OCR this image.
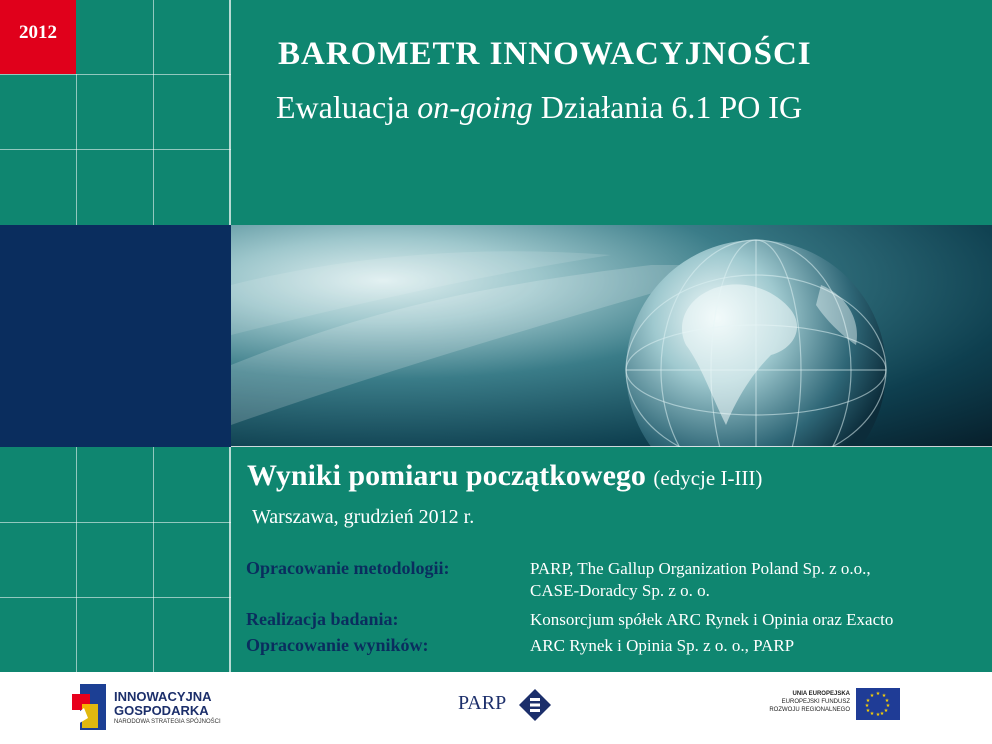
2012
BAROMETR INNOWACYJNOŚCI
Ewaluacja on-going Działania 6.1 PO IG
Wyniki pomiaru początkowego (edycje I-III)
Warszawa, grudzień 2012 r.
Opracowanie metodologii:	PARP, The Gallup Organization Poland Sp. z o.o.,
CASE-Doradcy Sp. z o. o.
Realizacja badania:	Konsorcjum spółek ARC Rynek i Opinia oraz Exacto
Opracowanie wyników:	ARC Rynek i Opinia Sp. z o. o., PARP
INNOWACYJNA
GOSPODARKA
NARODOWA STRATEGIA SPÓJNOŚCI
PARP	UNIA EUROPEJSKA
EUROPEJSKI FUNDUSZ
ROZWOJU REGIONALNEGO
★ ★
★
★
★
★
★
★
★
★
★
★
